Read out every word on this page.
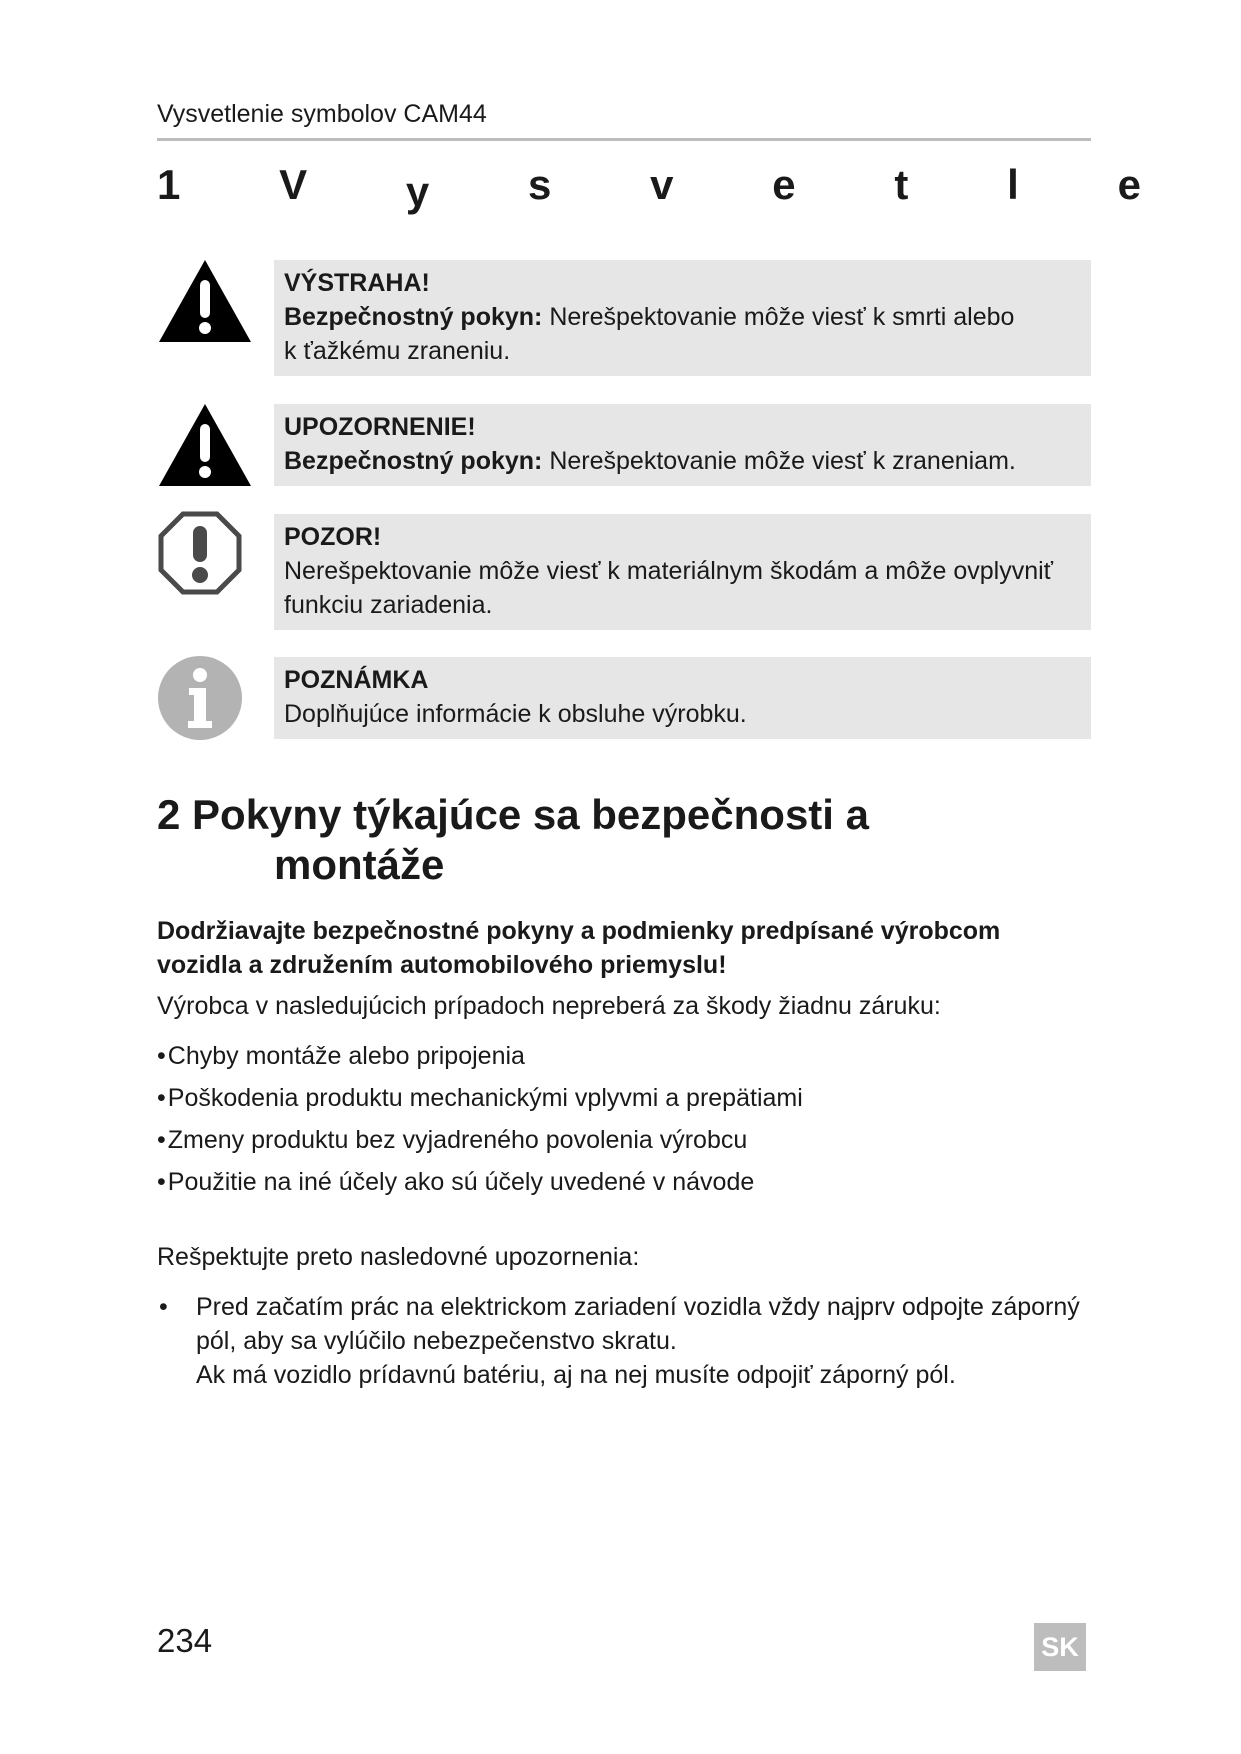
Vysvetlenie symbolov CAM44
1 V y s v e t l e
VÝSTRAHA!
Bezpečnostný pokyn: Nerešpektovanie môže viesť k smrti alebo
k ťažkému zraneniu.
UPOZORNENIE!
Bezpečnostný pokyn: Nerešpektovanie môže viesť k zraneniam.
POZOR!
Nerešpektovanie môže viesť k materiálnym škodám a môže ovplyvniť
funkciu zariadenia.
POZNÁMKA
Doplňujúce informácie k obsluhe výrobku.
2 Pokyny týkajúce sa bezpečnosti a
montáže
Dodržiavajte bezpečnostné pokyny a podmienky predpísané výrobcom
vozidla a združením automobilového priemyslu!
Výrobca v nasledujúcich prípadoch nepreberá za škody žiadnu záruku:
• Chyby montáže alebo pripojenia
• Poškodenia produktu mechanickými vplyvmi a prepätiami
• Zmeny produktu bez vyjadreného povolenia výrobcu
• Použitie na iné účely ako sú účely uvedené v návode
Rešpektujte preto nasledovné upozornenia:
• Pred začatím prác na elektrickom zariadení vozidla vždy najprv odpojte záporný
pól, aby sa vylúčilo nebezpečenstvo skratu.
Ak má vozidlo prídavnú batériu, aj na nej musíte odpojiť záporný pól.
234	SK
